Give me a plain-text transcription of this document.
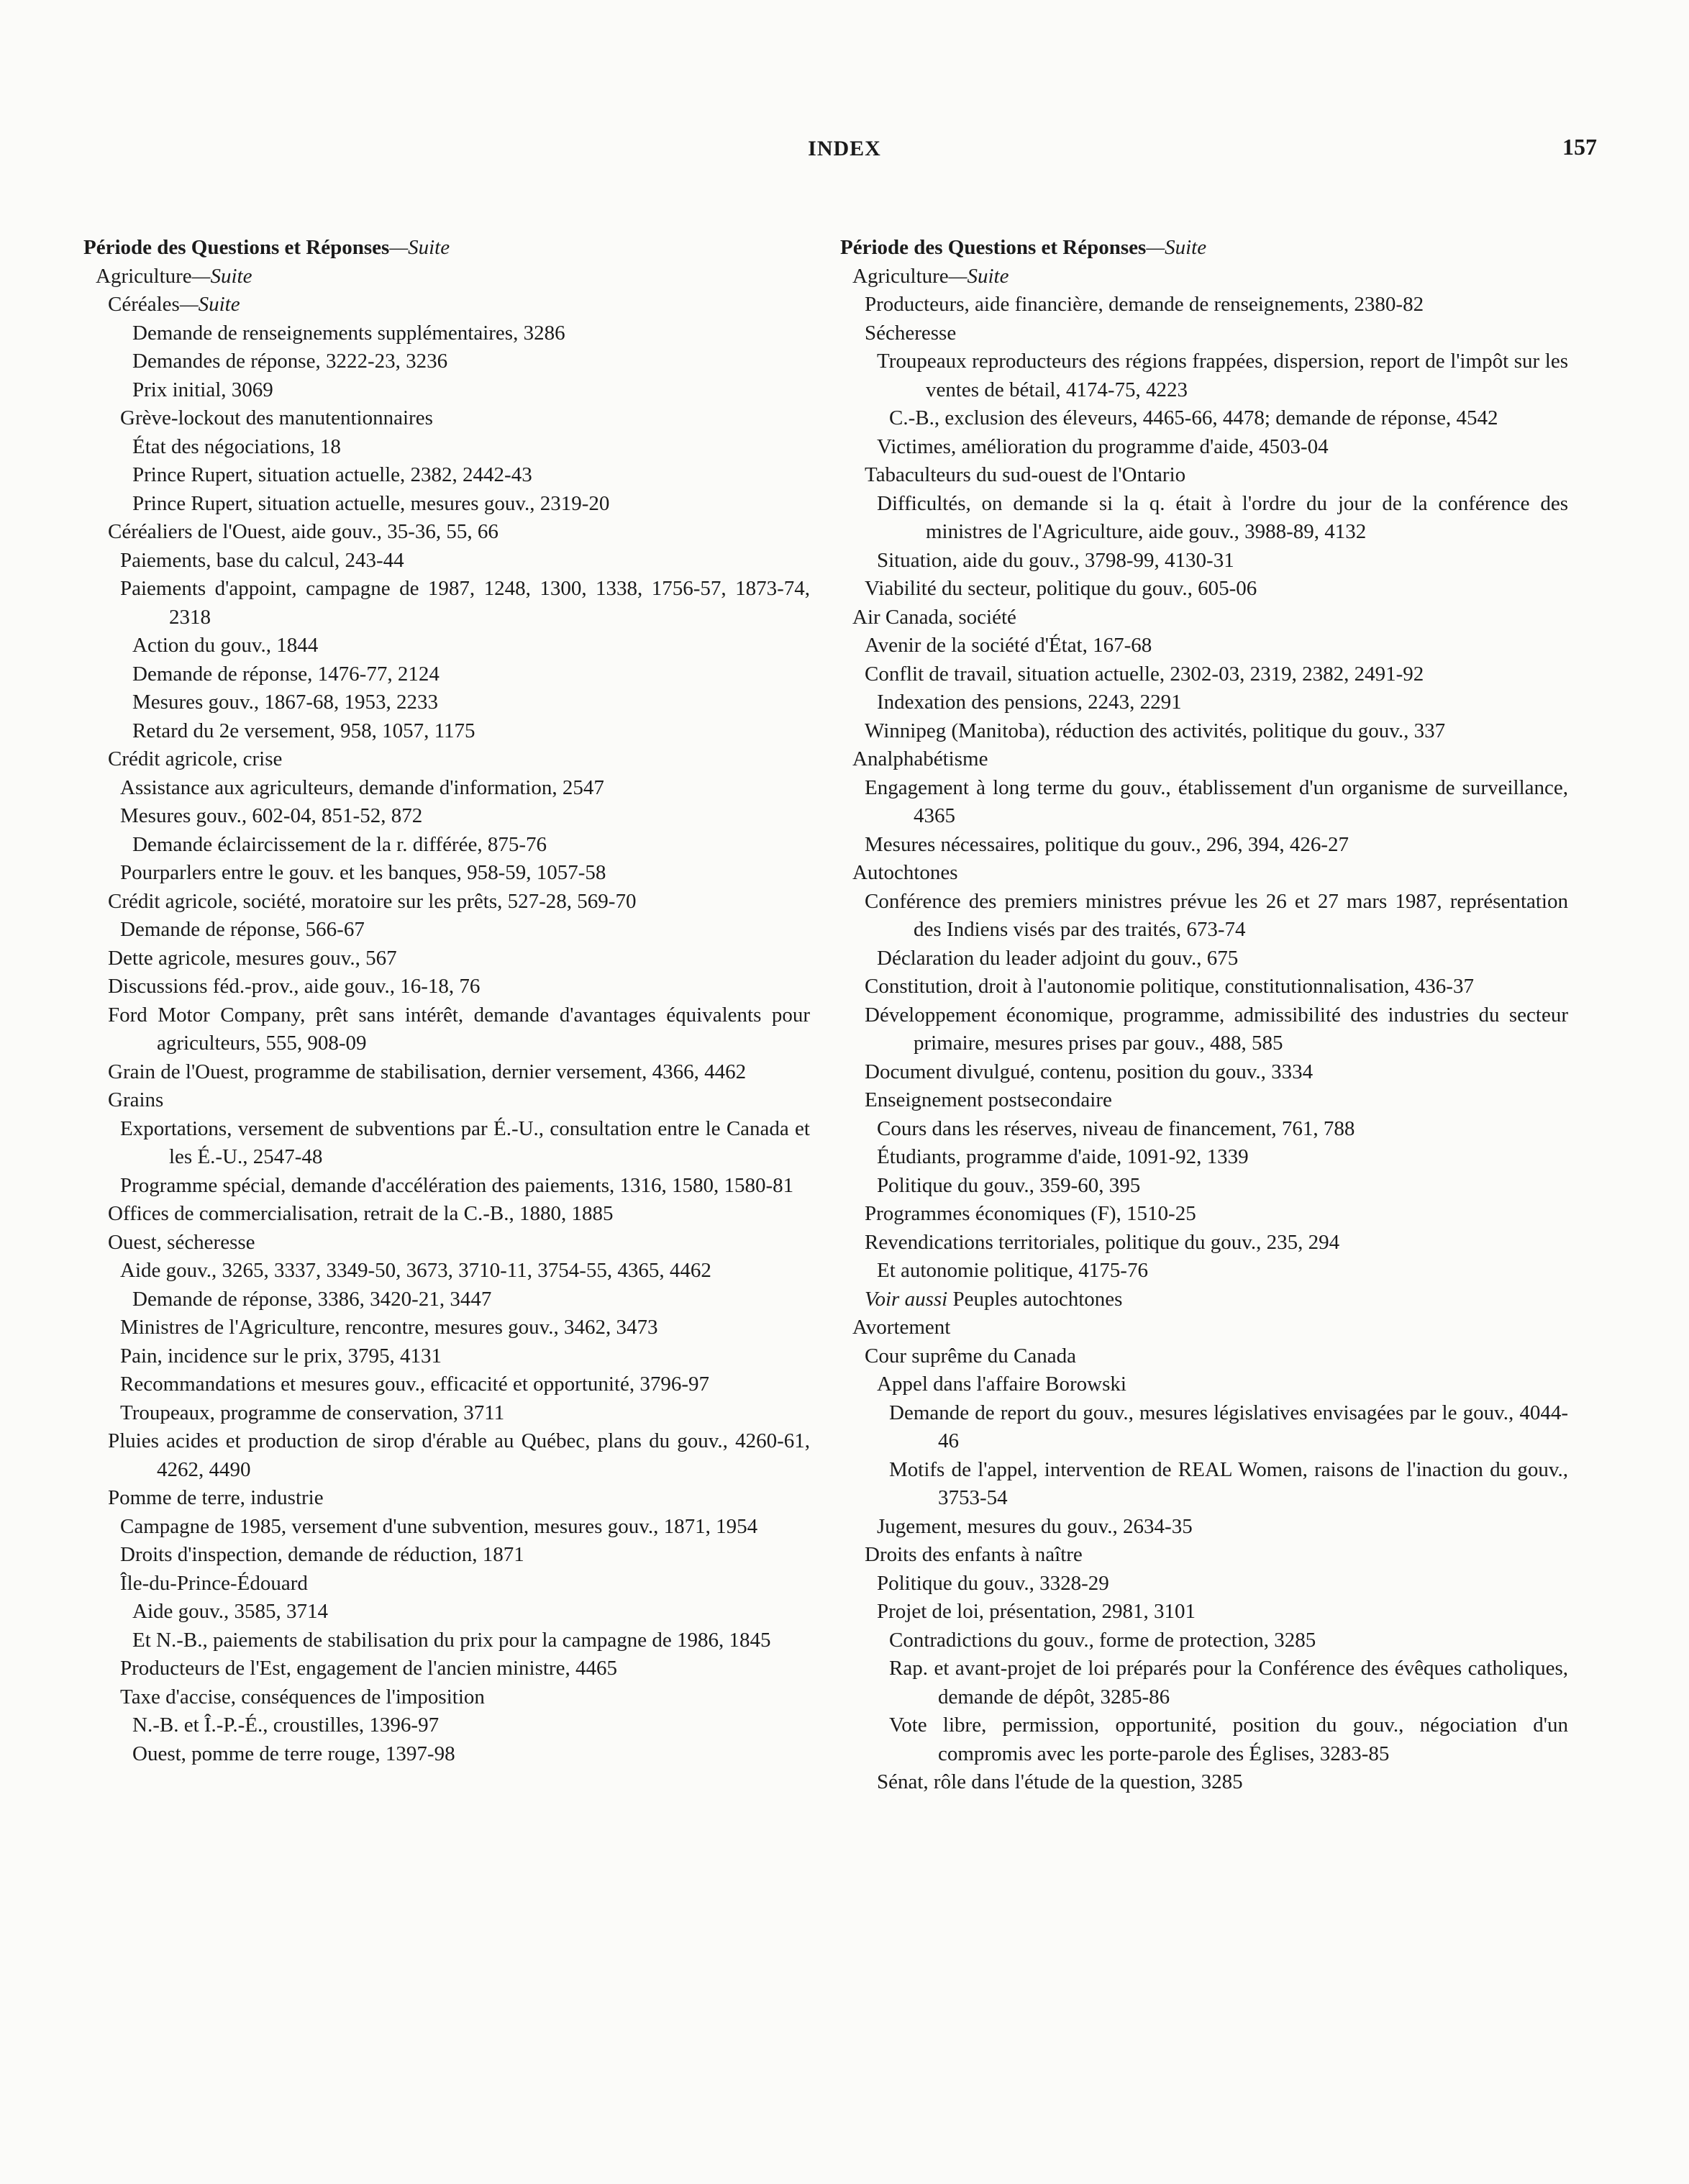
INDEX	157
Période des Questions et Réponses—Suite
Agriculture—Suite
Céréales—Suite
Demande de renseignements supplémentaires, 3286
Demandes de réponse, 3222-23, 3236
Prix initial, 3069
Grève-lockout des manutentionnaires
État des négociations, 18
Prince Rupert, situation actuelle, 2382, 2442-43
Prince Rupert, situation actuelle, mesures gouv., 2319-20
Céréaliers de l'Ouest, aide gouv., 35-36, 55, 66
Paiements, base du calcul, 243-44
Paiements d'appoint, campagne de 1987, 1248, 1300, 1338, 1756-57, 1873-74, 2318
Action du gouv., 1844
Demande de réponse, 1476-77, 2124
Mesures gouv., 1867-68, 1953, 2233
Retard du 2e versement, 958, 1057, 1175
Crédit agricole, crise
Assistance aux agriculteurs, demande d'information, 2547
Mesures gouv., 602-04, 851-52, 872
Demande éclaircissement de la r. différée, 875-76
Pourparlers entre le gouv. et les banques, 958-59, 1057-58
Crédit agricole, société, moratoire sur les prêts, 527-28, 569-70
Demande de réponse, 566-67
Dette agricole, mesures gouv., 567
Discussions féd.-prov., aide gouv., 16-18, 76
Ford Motor Company, prêt sans intérêt, demande d'avantages équivalents pour agriculteurs, 555, 908-09
Grain de l'Ouest, programme de stabilisation, dernier versement, 4366, 4462
Grains
Exportations, versement de subventions par É.-U., consultation entre le Canada et les É.-U., 2547-48
Programme spécial, demande d'accélération des paiements, 1316, 1580, 1580-81
Offices de commercialisation, retrait de la C.-B., 1880, 1885
Ouest, sécheresse
Aide gouv., 3265, 3337, 3349-50, 3673, 3710-11, 3754-55, 4365, 4462
Demande de réponse, 3386, 3420-21, 3447
Ministres de l'Agriculture, rencontre, mesures gouv., 3462, 3473
Pain, incidence sur le prix, 3795, 4131
Recommandations et mesures gouv., efficacité et opportunité, 3796-97
Troupeaux, programme de conservation, 3711
Pluies acides et production de sirop d'érable au Québec, plans du gouv., 4260-61, 4262, 4490
Pomme de terre, industrie
Campagne de 1985, versement d'une subvention, mesures gouv., 1871, 1954
Droits d'inspection, demande de réduction, 1871
Île-du-Prince-Édouard
Aide gouv., 3585, 3714
Et N.-B., paiements de stabilisation du prix pour la campagne de 1986, 1845
Producteurs de l'Est, engagement de l'ancien ministre, 4465
Taxe d'accise, conséquences de l'imposition
N.-B. et Î.-P.-É., croustilles, 1396-97
Ouest, pomme de terre rouge, 1397-98
Période des Questions et Réponses—Suite
Agriculture—Suite
Producteurs, aide financière, demande de renseignements, 2380-82
Sécheresse
Troupeaux reproducteurs des régions frappées, dispersion, report de l'impôt sur les ventes de bétail, 4174-75, 4223
C.-B., exclusion des éleveurs, 4465-66, 4478; demande de réponse, 4542
Victimes, amélioration du programme d'aide, 4503-04
Tabaculteurs du sud-ouest de l'Ontario
Difficultés, on demande si la q. était à l'ordre du jour de la conférence des ministres de l'Agriculture, aide gouv., 3988-89, 4132
Situation, aide du gouv., 3798-99, 4130-31
Viabilité du secteur, politique du gouv., 605-06
Air Canada, société
Avenir de la société d'État, 167-68
Conflit de travail, situation actuelle, 2302-03, 2319, 2382, 2491-92
Indexation des pensions, 2243, 2291
Winnipeg (Manitoba), réduction des activités, politique du gouv., 337
Analphabétisme
Engagement à long terme du gouv., établissement d'un organisme de surveillance, 4365
Mesures nécessaires, politique du gouv., 296, 394, 426-27
Autochtones
Conférence des premiers ministres prévue les 26 et 27 mars 1987, représentation des Indiens visés par des traités, 673-74
Déclaration du leader adjoint du gouv., 675
Constitution, droit à l'autonomie politique, constitutionnalisation, 436-37
Développement économique, programme, admissibilité des industries du secteur primaire, mesures prises par gouv., 488, 585
Document divulgué, contenu, position du gouv., 3334
Enseignement postsecondaire
Cours dans les réserves, niveau de financement, 761, 788
Étudiants, programme d'aide, 1091-92, 1339
Politique du gouv., 359-60, 395
Programmes économiques (F), 1510-25
Revendications territoriales, politique du gouv., 235, 294
Et autonomie politique, 4175-76
Voir aussi Peuples autochtones
Avortement
Cour suprême du Canada
Appel dans l'affaire Borowski
Demande de report du gouv., mesures législatives envisagées par le gouv., 4044-46
Motifs de l'appel, intervention de REAL Women, raisons de l'inaction du gouv., 3753-54
Jugement, mesures du gouv., 2634-35
Droits des enfants à naître
Politique du gouv., 3328-29
Projet de loi, présentation, 2981, 3101
Contradictions du gouv., forme de protection, 3285
Rap. et avant-projet de loi préparés pour la Conférence des évêques catholiques, demande de dépôt, 3285-86
Vote libre, permission, opportunité, position du gouv., négociation d'un compromis avec les porte-parole des Églises, 3283-85
Sénat, rôle dans l'étude de la question, 3285
